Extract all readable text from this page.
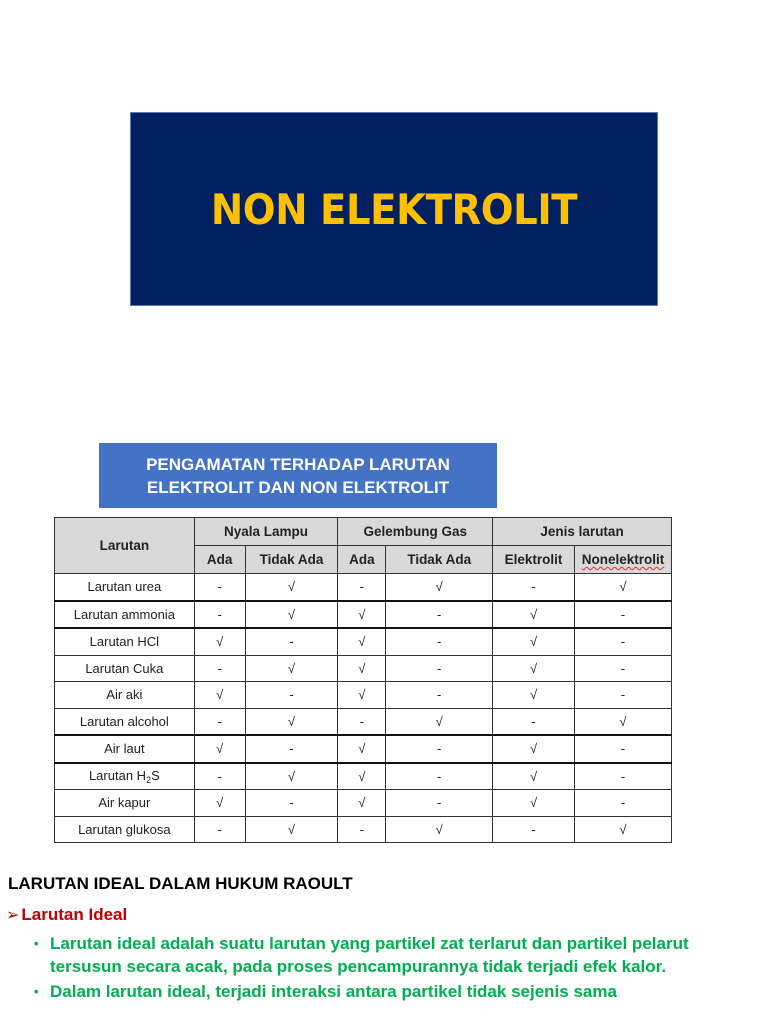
NON ELEKTROLIT
PENGAMATAN TERHADAP LARUTAN
ELEKTROLIT DAN NON ELEKTROLIT
Larutan	Nyala Lampu		Gelembung Gas		Jenis larutan	
	Ada	Tidak Ada	Ada	Tidak Ada	Elektrolit	Nonelektrolit
Larutan urea	-	√	-	√	-	√
Larutan ammonia	-	√	√	-	√	-
Larutan HCl	√	-	√	-	√	-
Larutan Cuka	-	√	√	-	√	-
Air aki	√	-	√	-	√	-
Larutan alcohol	-	√	-	√	-	√
Air laut	√	-	√	-	√	-
Larutan $H_2S$	-	√	√	-	√	-
Air kapur	√	-	√	-	√	-
Larutan glukosa	-	√	-	√	-	√
LARUTAN IDEAL DALAM HUKUM RAOULT
➢ Larutan Ideal
• Larutan ideal adalah suatu larutan yang partikel zat terlarut dan partikel pelarut tersusun secara acak, pada proses pencampurannya tidak terjadi efek kalor.
• Dalam larutan ideal, terjadi interaksi antara partikel tidak sejenis sama
